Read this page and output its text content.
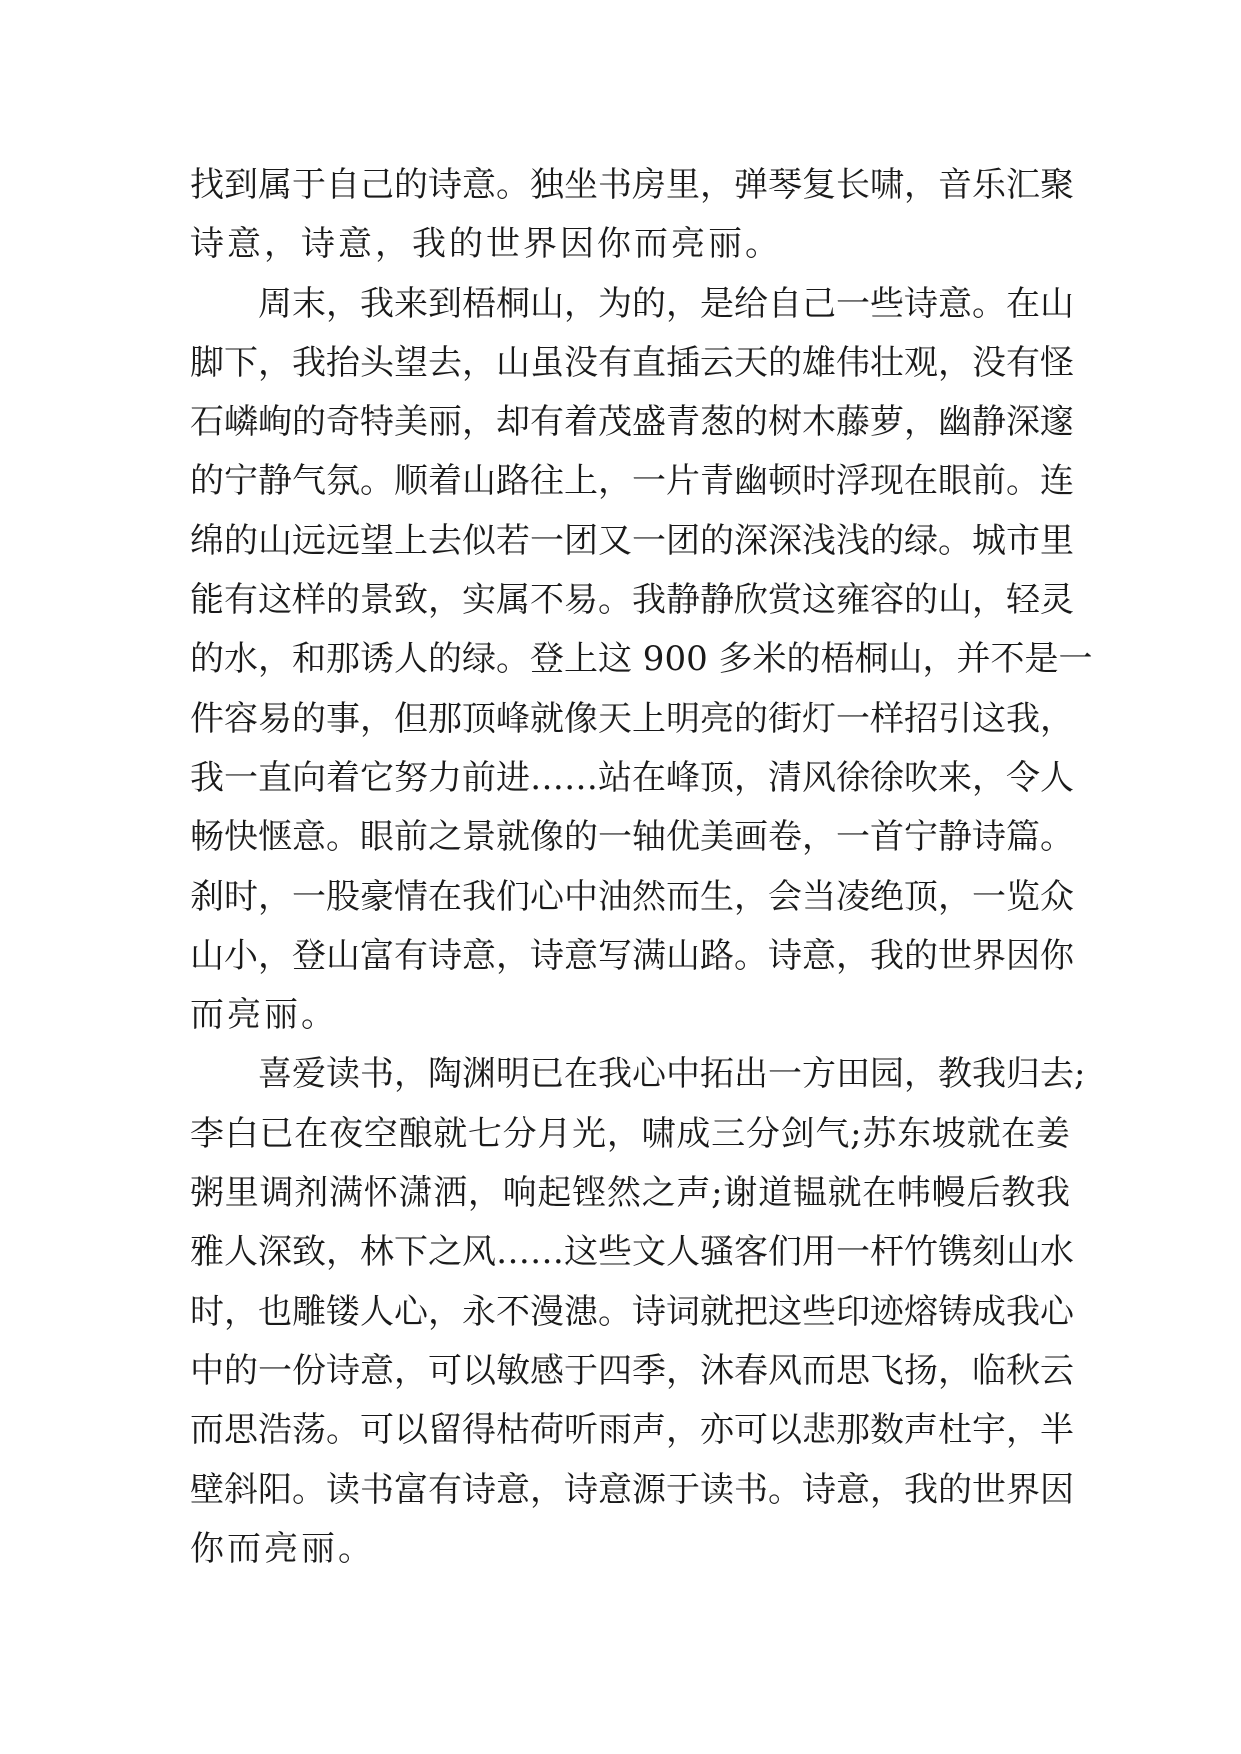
找到属于自己的诗意。独坐书房里，弹琴复长啸，音乐汇聚
诗意，诗意，我的世界因你而亮丽。
　　周末，我来到梧桐山，为的，是给自己一些诗意。在山
脚下，我抬头望去，山虽没有直插云天的雄伟壮观，没有怪
石嶙峋的奇特美丽，却有着茂盛青葱的树木藤萝，幽静深邃
的宁静气氛。顺着山路往上，一片青幽顿时浮现在眼前。连
绵的山远远望上去似若一团又一团的深深浅浅的绿。城市里
能有这样的景致，实属不易。我静静欣赏这雍容的山，轻灵
的水，和那诱人的绿。登上这 900 多米的梧桐山，并不是一
件容易的事，但那顶峰就像天上明亮的街灯一样招引这我，
我一直向着它努力前进……站在峰顶，清风徐徐吹来，令人
畅快惬意。眼前之景就像的一轴优美画卷，一首宁静诗篇。
刹时，一股豪情在我们心中油然而生，会当凌绝顶，一览众
山小，登山富有诗意，诗意写满山路。诗意，我的世界因你
而亮丽。
　　喜爱读书，陶渊明已在我心中拓出一方田园，教我归去;
李白已在夜空酿就七分月光，啸成三分剑气;苏东坡就在姜
粥里调剂满怀潇洒，响起铿然之声;谢道韫就在帏幔后教我
雅人深致，林下之风……这些文人骚客们用一杆竹镌刻山水
时，也雕镂人心，永不漫漶。诗词就把这些印迹熔铸成我心
中的一份诗意，可以敏感于四季，沐春风而思飞扬，临秋云
而思浩荡。可以留得枯荷听雨声，亦可以悲那数声杜宇，半
壁斜阳。读书富有诗意，诗意源于读书。诗意，我的世界因
你而亮丽。
